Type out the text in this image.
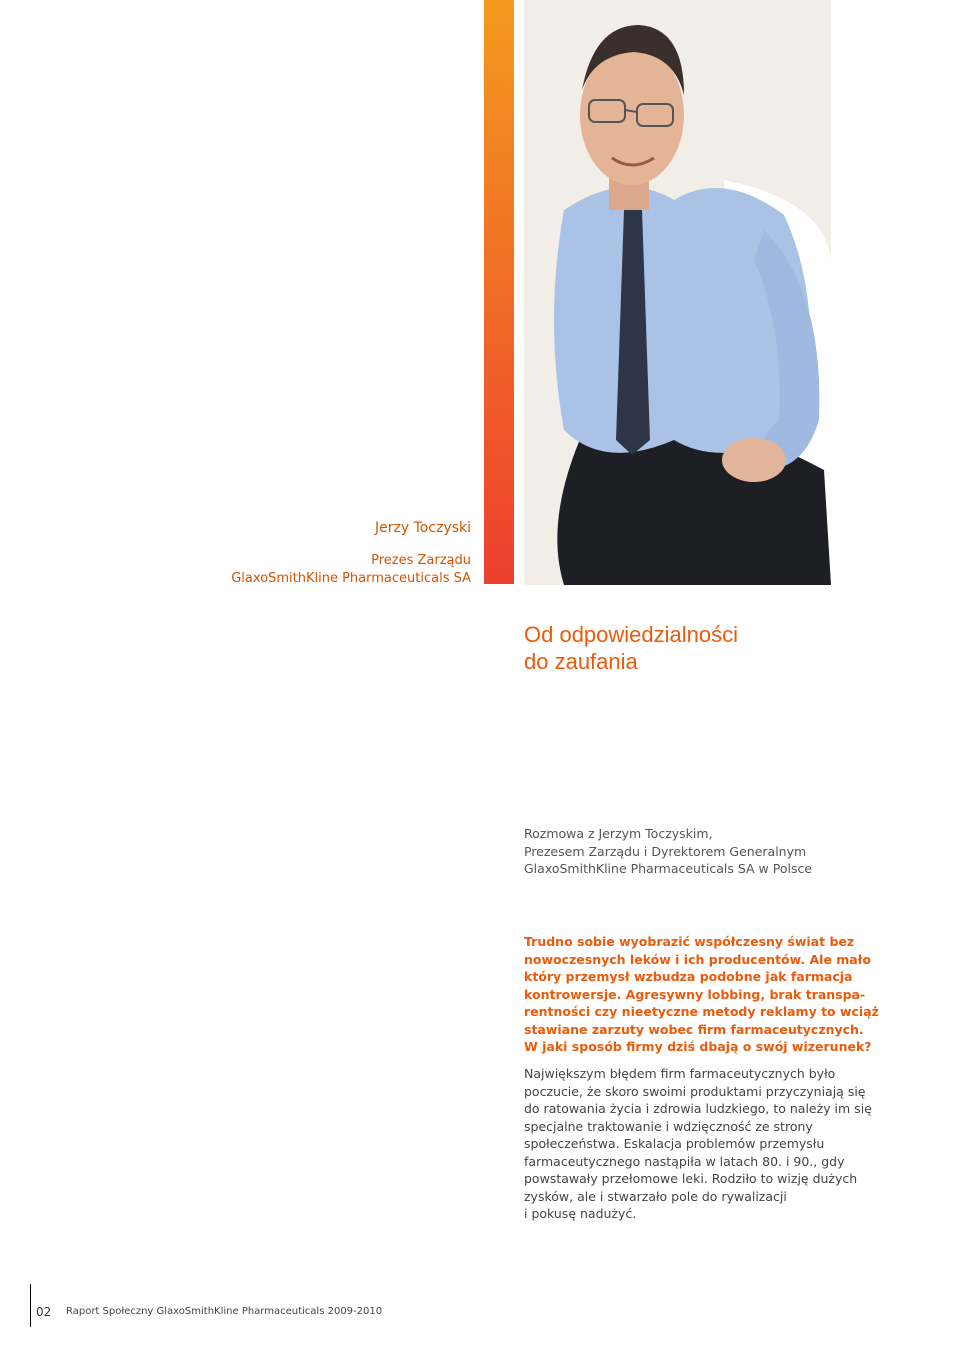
Jerzy Toczyski
Prezes Zarządu
GlaxoSmithKline Pharmaceuticals SA
Od odpowiedzialności
do zaufania
Rozmowa z Jerzym Toczyskim,
Prezesem Zarządu i Dyrektorem Generalnym
GlaxoSmithKline Pharmaceuticals SA w Polsce
Trudno sobie wyobrazić współczesny świat bez
nowoczesnych leków i ich producentów. Ale mało
który przemysł wzbudza podobne jak farmacja
kontrowersje. Agresywny lobbing, brak transpa-
rentności czy nieetyczne metody reklamy to wciąż
stawiane zarzuty wobec firm farmaceutycznych.
W jaki sposób firmy dziś dbają o swój wizerunek?
Największym błędem firm farmaceutycznych było
poczucie, że skoro swoimi produktami przyczyniają się
do ratowania życia i zdrowia ludzkiego, to należy im się
specjalne traktowanie i wdzięczność ze strony
społeczeństwa. Eskalacja problemów przemysłu
farmaceutycznego nastąpiła w latach 80. i 90., gdy
powstawały przełomowe leki. Rodziło to wizję dużych
zysków, ale i stwarzało pole do rywalizacji
i pokusę nadużyć.
02 Raport Społeczny GlaxoSmithKline Pharmaceuticals 2009-2010
